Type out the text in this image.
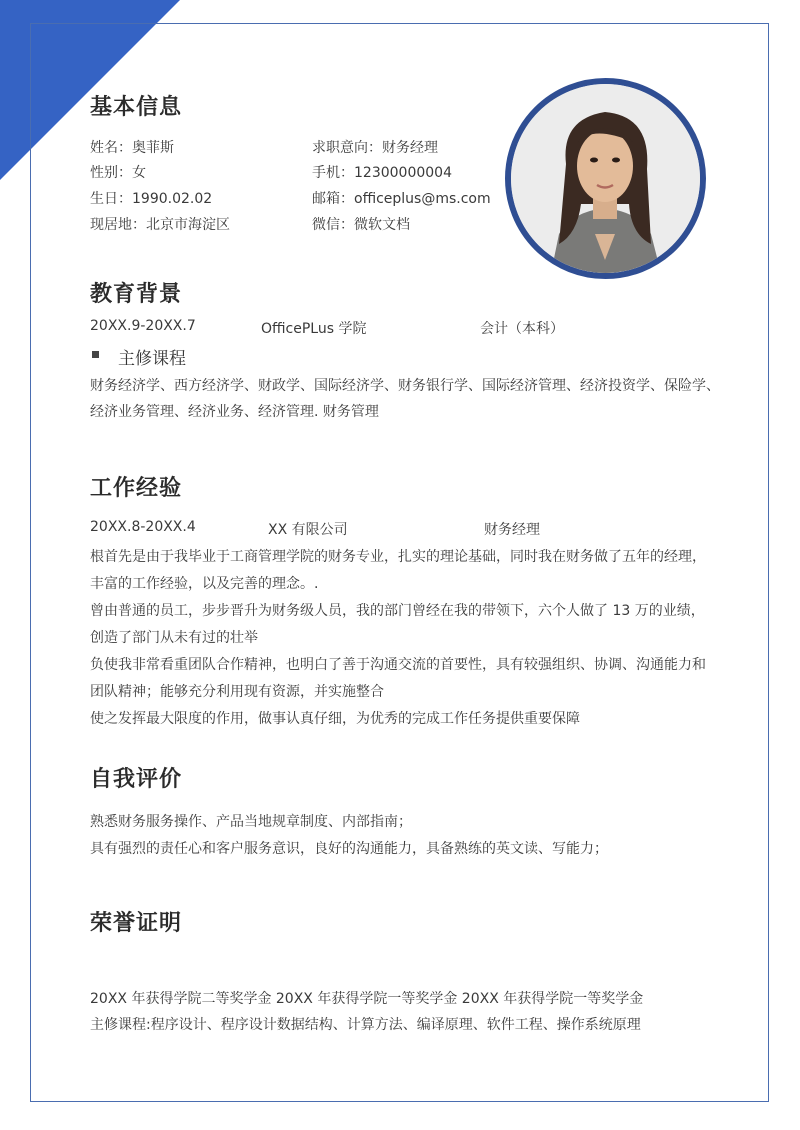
基本信息
姓名：奥菲斯	求职意向：财务经理
性别：女	手机：12300000004
生日：1990.02.02	邮箱：officeplus@ms.com
现居地：北京市海淀区	微信：微软文档
教育背景
20XX.9-20XX.7	OfficePLus 学院	会计（本科）
主修课程
财务经济学、西方经济学、财政学、国际经济学、财务银行学、国际经济管理、经济投资学、保险学、
经济业务管理、经济业务、经济管理. 财务管理
工作经验
20XX.8-20XX.4	XX 有限公司	财务经理
根首先是由于我毕业于工商管理学院的财务专业，扎实的理论基础，同时我在财务做了五年的经理，
丰富的工作经验，以及完善的理念。.
曾由普通的员工，步步晋升为财务级人员，我的部门曾经在我的带领下，六个人做了 13 万的业绩，
创造了部门从未有过的壮举
负使我非常看重团队合作精神，也明白了善于沟通交流的首要性，具有较强组织、协调、沟通能力和
团队精神；能够充分利用现有资源，并实施整合
使之发挥最大限度的作用，做事认真仔细，为优秀的完成工作任务提供重要保障
自我评价
熟悉财务服务操作、产品当地规章制度、内部指南；
具有强烈的责任心和客户服务意识，良好的沟通能力，具备熟练的英文读、写能力；
荣誉证明
20XX 年获得学院二等奖学金 20XX 年获得学院一等奖学金 20XX 年获得学院一等奖学金
主修课程:程序设计、程序设计数据结构、计算方法、编译原理、软件工程、操作系统原理
